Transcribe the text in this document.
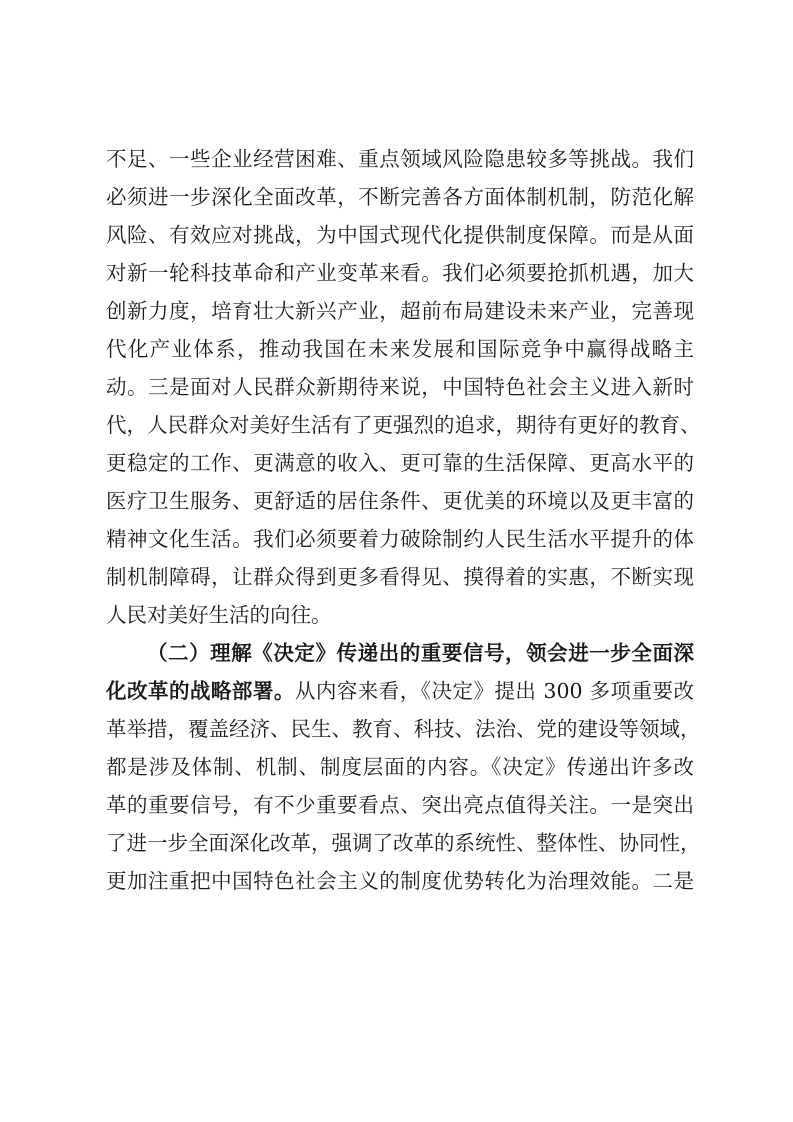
不足、一些企业经营困难、重点领域风险隐患较多等挑战。我们
必须进一步深化全面改革，不断完善各方面体制机制，防范化解
风险、有效应对挑战，为中国式现代化提供制度保障。而是从面
对新一轮科技革命和产业变革来看。我们必须要抢抓机遇，加大
创新力度，培育壮大新兴产业，超前布局建设未来产业，完善现
代化产业体系，推动我国在未来发展和国际竞争中赢得战略主
动。三是面对人民群众新期待来说，中国特色社会主义进入新时
代，人民群众对美好生活有了更强烈的追求，期待有更好的教育、
更稳定的工作、更满意的收入、更可靠的生活保障、更高水平的
医疗卫生服务、更舒适的居住条件、更优美的环境以及更丰富的
精神文化生活。我们必须要着力破除制约人民生活水平提升的体
制机制障碍，让群众得到更多看得见、摸得着的实惠，不断实现
人民对美好生活的向往。
（二）理解《决定》传递出的重要信号，领会进一步全面深
化改革的战略部署。从内容来看，《决定》提出 300 多项重要改
革举措，覆盖经济、民生、教育、科技、法治、党的建设等领域，
都是涉及体制、机制、制度层面的内容。《决定》传递出许多改
革的重要信号，有不少重要看点、突出亮点值得关注。一是突出
了进一步全面深化改革，强调了改革的系统性、整体性、协同性，
更加注重把中国特色社会主义的制度优势转化为治理效能。二是
